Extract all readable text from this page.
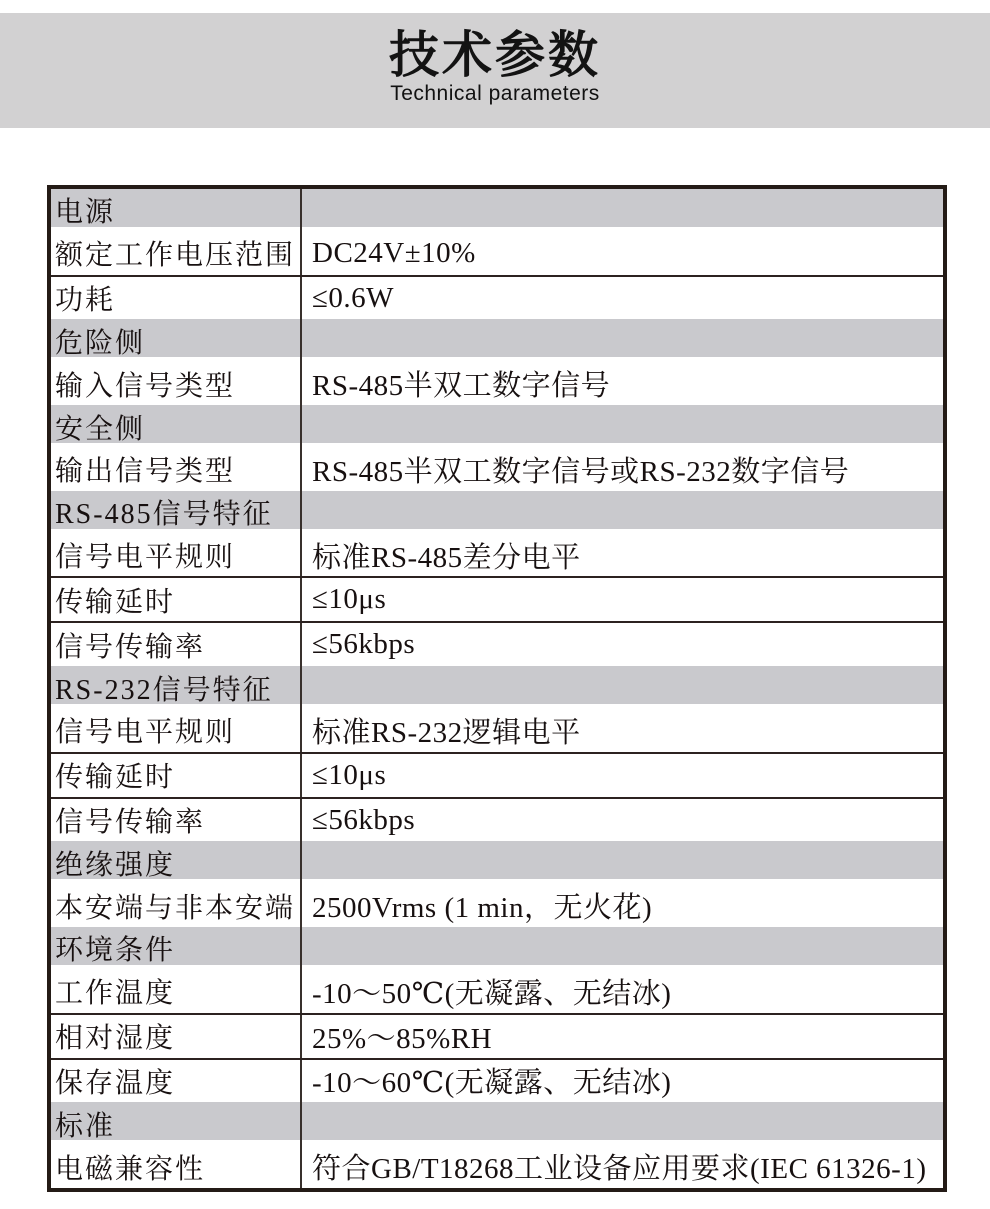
技术参数
Technical parameters
电源
额定工作电压范围 DC24V±10%
功耗	≤0.6W
危险侧
输入信号类型	RS-485半双工数字信号
安全侧
输出信号类型	RS-485半双工数字信号或RS-232数字信号
RS-485信号特征
信号电平规则	标准RS-485差分电平
传输延时	≤10μs
信号传输率	≤56kbps
RS-232信号特征
信号电平规则	标准RS-232逻辑电平
传输延时	≤10μs
信号传输率	≤56kbps
绝缘强度
本安端与非本安端 2500Vrms (1 min，无火花)
环境条件
工作温度	-10～50℃(无凝露、无结冰)
相对湿度	25%～85%RH
保存温度	-10～60℃(无凝露、无结冰)
标准
电磁兼容性	符合GB/T18268工业设备应用要求(IEC 61326-1)
